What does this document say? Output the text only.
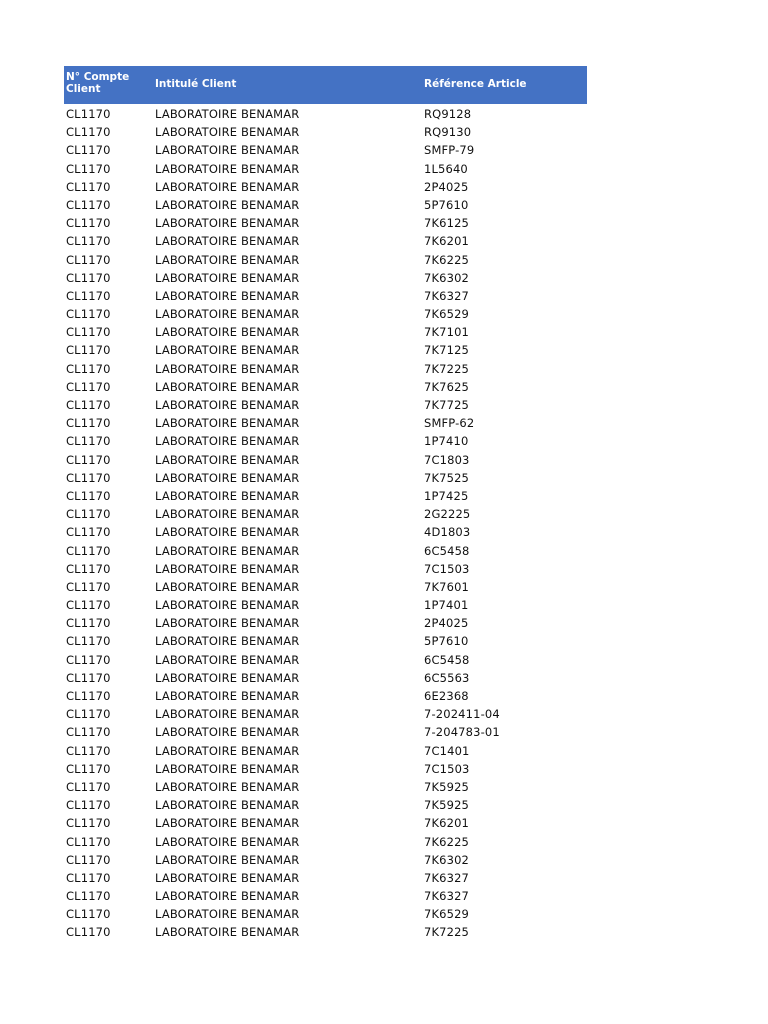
N° Compte Client	Intitulé Client	Référence Article
CL1170	LABORATOIRE BENAMAR	RQ9128
CL1170	LABORATOIRE BENAMAR	RQ9130
CL1170	LABORATOIRE BENAMAR	SMFP-79
CL1170	LABORATOIRE BENAMAR	1L5640
CL1170	LABORATOIRE BENAMAR	2P4025
CL1170	LABORATOIRE BENAMAR	5P7610
CL1170	LABORATOIRE BENAMAR	7K6125
CL1170	LABORATOIRE BENAMAR	7K6201
CL1170	LABORATOIRE BENAMAR	7K6225
CL1170	LABORATOIRE BENAMAR	7K6302
CL1170	LABORATOIRE BENAMAR	7K6327
CL1170	LABORATOIRE BENAMAR	7K6529
CL1170	LABORATOIRE BENAMAR	7K7101
CL1170	LABORATOIRE BENAMAR	7K7125
CL1170	LABORATOIRE BENAMAR	7K7225
CL1170	LABORATOIRE BENAMAR	7K7625
CL1170	LABORATOIRE BENAMAR	7K7725
CL1170	LABORATOIRE BENAMAR	SMFP-62
CL1170	LABORATOIRE BENAMAR	1P7410
CL1170	LABORATOIRE BENAMAR	7C1803
CL1170	LABORATOIRE BENAMAR	7K7525
CL1170	LABORATOIRE BENAMAR	1P7425
CL1170	LABORATOIRE BENAMAR	2G2225
CL1170	LABORATOIRE BENAMAR	4D1803
CL1170	LABORATOIRE BENAMAR	6C5458
CL1170	LABORATOIRE BENAMAR	7C1503
CL1170	LABORATOIRE BENAMAR	7K7601
CL1170	LABORATOIRE BENAMAR	1P7401
CL1170	LABORATOIRE BENAMAR	2P4025
CL1170	LABORATOIRE BENAMAR	5P7610
CL1170	LABORATOIRE BENAMAR	6C5458
CL1170	LABORATOIRE BENAMAR	6C5563
CL1170	LABORATOIRE BENAMAR	6E2368
CL1170	LABORATOIRE BENAMAR	7-202411-04
CL1170	LABORATOIRE BENAMAR	7-204783-01
CL1170	LABORATOIRE BENAMAR	7C1401
CL1170	LABORATOIRE BENAMAR	7C1503
CL1170	LABORATOIRE BENAMAR	7K5925
CL1170	LABORATOIRE BENAMAR	7K5925
CL1170	LABORATOIRE BENAMAR	7K6201
CL1170	LABORATOIRE BENAMAR	7K6225
CL1170	LABORATOIRE BENAMAR	7K6302
CL1170	LABORATOIRE BENAMAR	7K6327
CL1170	LABORATOIRE BENAMAR	7K6327
CL1170	LABORATOIRE BENAMAR	7K6529
CL1170	LABORATOIRE BENAMAR	7K7225
